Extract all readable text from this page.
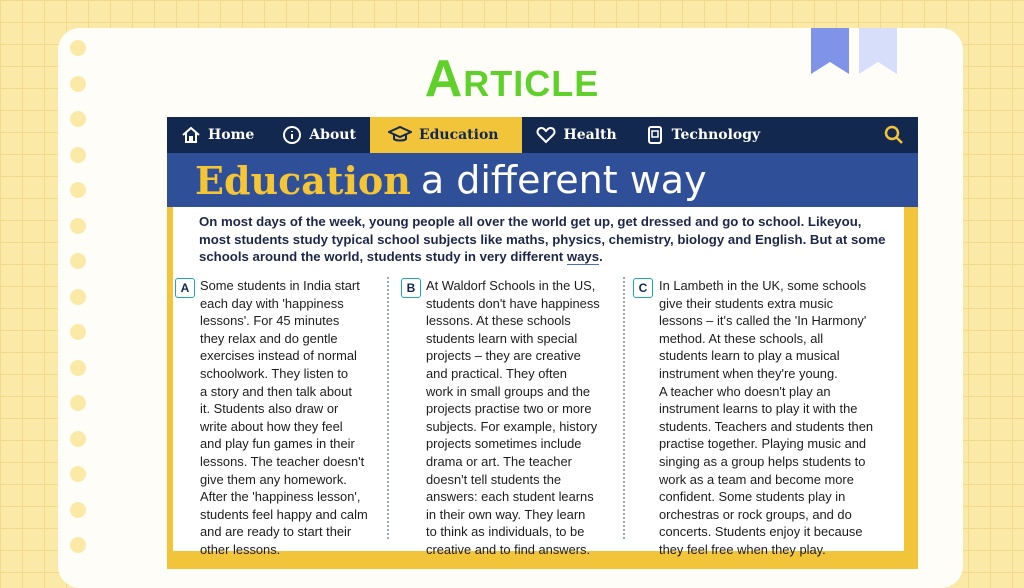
Article
Home	About	Education	Health	Technology
Education a different way
On most days of the week, young people all over the world get up, get dressed and go to school. Likeyou, most students study typical school subjects like maths, physics, chemistry, biology and English. But at some schools around the world, students study in very different ways.
A Some students in India start

each day with 'happiness

lessons'. For 45 minutes

they relax and do gentle

exercises instead of normal

schoolwork. They listen to

a story and then talk about

it. Students also draw or

write about how they feel

and play fun games in their

lessons. The teacher doesn't

give them any homework.

After the 'happiness lesson',

students feel happy and calm

and are ready to start their

other lessons.

B At Waldorf Schools in the US,

students don't have happiness

lessons. At these schools

students learn with special

projects – they are creative

and practical. They often

work in small groups and the

projects practise two or more

subjects. For example, history

projects sometimes include

drama or art. The teacher

doesn't tell students the

answers: each student learns

in their own way. They learn

to think as individuals, to be

creative and to find answers.

C In Lambeth in the UK, some schools

give their students extra music

lessons – it's called the 'In Harmony'

method. At these schools, all

students learn to play a musical

instrument when they're young.

A teacher who doesn't play an

instrument learns to play it with the

students. Teachers and students then

practise together. Playing music and

singing as a group helps students to

work as a team and become more

confident. Some students play in

orchestras or rock groups, and do

concerts. Students enjoy it because

they feel free when they play.
